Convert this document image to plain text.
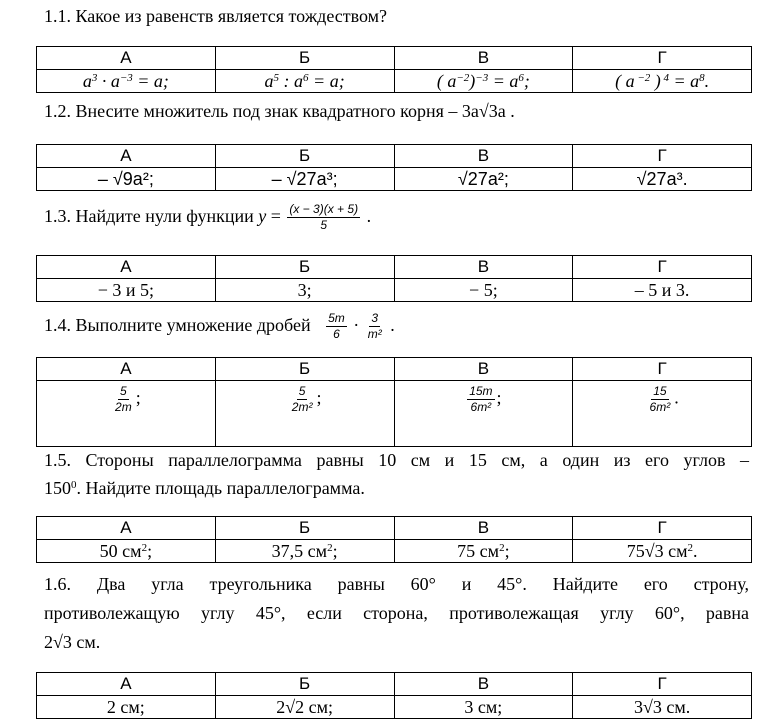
1.1. Какое из равенств является тождеством?
А	Б	В	Г
$a^3 \cdot a^{-3} = a$;	$a^5$ : $a^6 = a$;	( $a^{-2})^{-3} = a^6$;	( a $^{-2}$ ) $^4 = a^8$.
1.2. Внесите множитель под знак квадратного корня – 3a√3a .
А	Б	В	Г
– √9a²;	– √27a³;	√27a²;	√27a³.
1.3. Найдите нули функции $y = \frac{(x - 3)(x + 5)}{5}$ .
А	Б	В	Г
− 3 и 5;	3;	− 5;	– 5 и 3.
1.4. Выполните умножение дробей $\frac{5m}{6} \cdot \frac{3}{\text{m²}}$ .
А	Б	В	Г

$\frac{5}{2m}$ ;	$\frac{5}{\text{2m²}}$ ;	$\frac{15m}{\text{6m²}}$ ;	$\frac{15}{\text{6m²}}$ .
1.5. Стороны параллелограмма равны 10 см и 15 см, а один из его углов –
$150^0$. Найдите площадь параллелограмма.
А	Б	В	Г
50 $см^2$;	37,5 $см^2$;	75 $см^2$;	75√3 $см^2$.
1.6. Два угла треугольника равны 60° и 45°. Найдите его строну,
противолежащую углу 45°, если сторона, противолежащая углу 60°, равна
2√3 см.
А	Б	В	Г
2 см;	2√2 см;	3 см;	3√3 см.
